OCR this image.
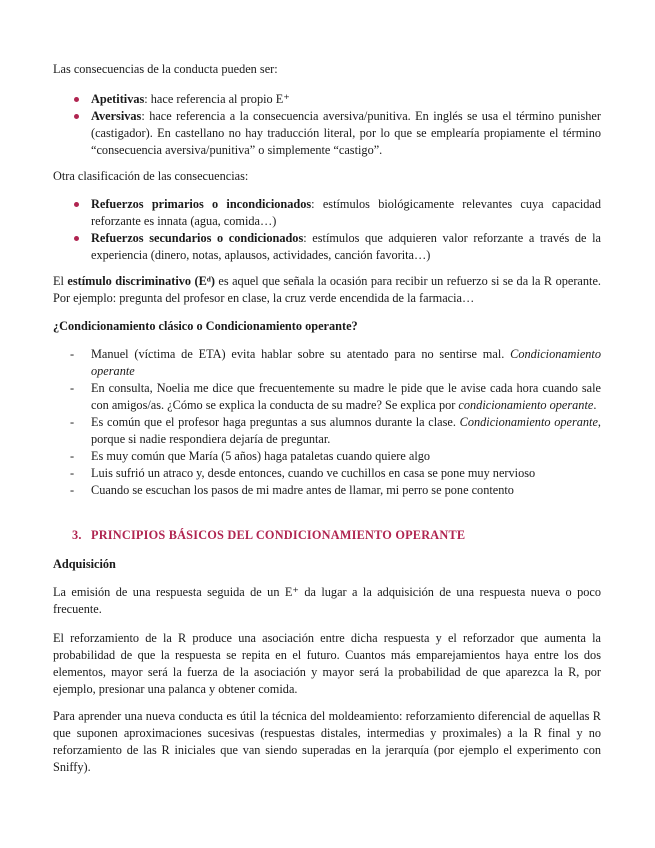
Las consecuencias de la conducta pueden ser:

Apetitivas: hace referencia al propio E⁺
Aversivas: hace referencia a la consecuencia aversiva/punitiva. En inglés se usa el término punisher (castigador). En castellano no hay traducción literal, por lo que se emplearía propiamente el término “consecuencia aversiva/punitiva” o simplemente “castigo”.

Otra clasificación de las consecuencias:

Refuerzos primarios o incondicionados: estímulos biológicamente relevantes cuya capacidad reforzante es innata (agua, comida…)
Refuerzos secundarios o condicionados: estímulos que adquieren valor reforzante a través de la experiencia (dinero, notas, aplausos, actividades, canción favorita…)

El estímulo discriminativo (Eᵈ) es aquel que señala la ocasión para recibir un refuerzo si se da la R operante. Por ejemplo: pregunta del profesor en clase, la cruz verde encendida de la farmacia…

¿Condicionamiento clásico o Condicionamiento operante?

- Manuel (víctima de ETA) evita hablar sobre su atentado para no sentirse mal. Condicionamiento operante
- En consulta, Noelia me dice que frecuentemente su madre le pide que le avise cada hora cuando sale con amigos/as. ¿Cómo se explica la conducta de su madre? Se explica por condicionamiento operante.
- Es común que el profesor haga preguntas a sus alumnos durante la clase. Condicionamiento operante, porque si nadie respondiera dejaría de preguntar.
- Es muy común que María (5 años) haga pataletas cuando quiere algo
- Luis sufrió un atraco y, desde entonces, cuando ve cuchillos en casa se pone muy nervioso
- Cuando se escuchan los pasos de mi madre antes de llamar, mi perro se pone contento
3. PRINCIPIOS BÁSICOS DEL CONDICIONAMIENTO OPERANTE

Adquisición

La emisión de una respuesta seguida de un E⁺ da lugar a la adquisición de una respuesta nueva o poco frecuente.

El reforzamiento de la R produce una asociación entre dicha respuesta y el reforzador que aumenta la probabilidad de que la respuesta se repita en el futuro. Cuantos más emparejamientos haya entre los dos elementos, mayor será la fuerza de la asociación y mayor será la probabilidad de que aparezca la R, por ejemplo, presionar una palanca y obtener comida.

Para aprender una nueva conducta es útil la técnica del moldeamiento: reforzamiento diferencial de aquellas R que suponen aproximaciones sucesivas (respuestas distales, intermedias y proximales) a la R final y no reforzamiento de las R iniciales que van siendo superadas en la jerarquía (por ejemplo el experimento con Sniffy).
